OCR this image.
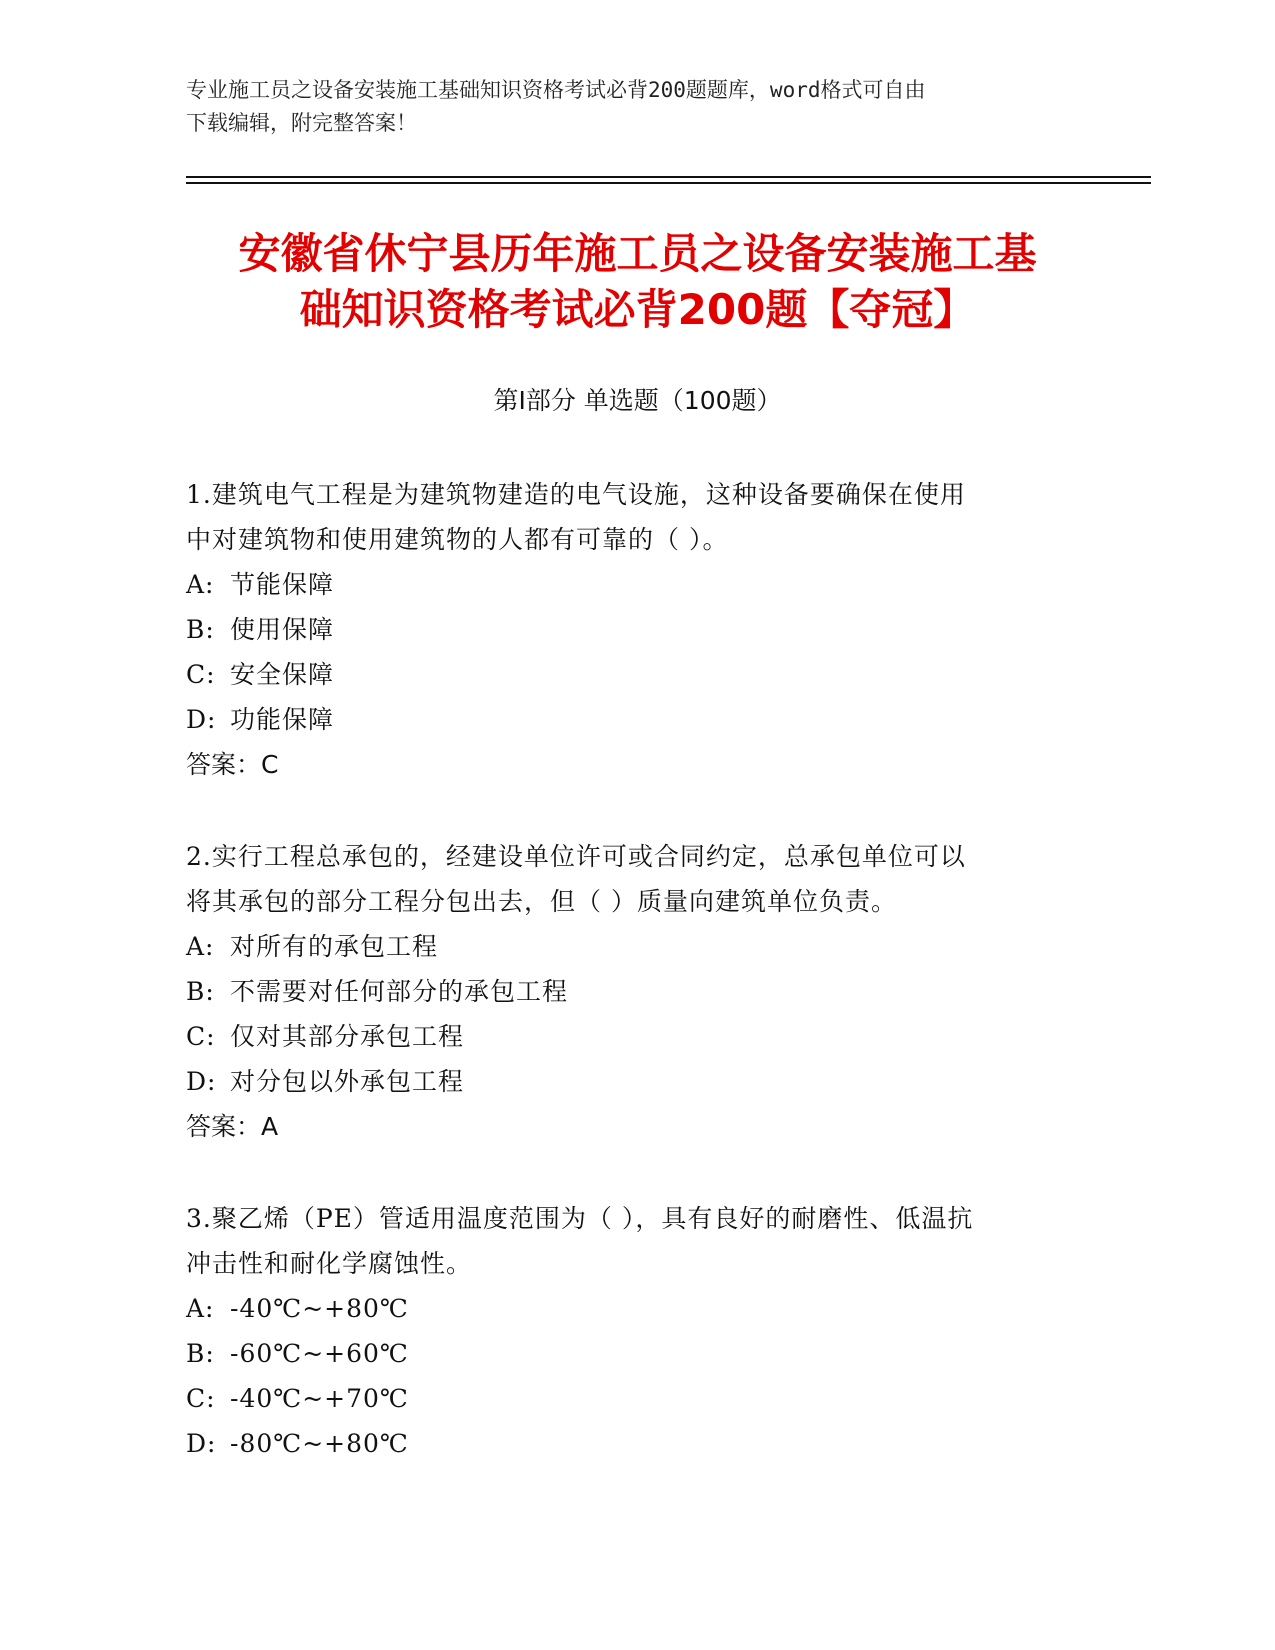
专业施工员之设备安装施工基础知识资格考试必背200题题库，word格式可自由

下载编辑，附完整答案！

安徽省休宁县历年施工员之设备安装施工基

础知识资格考试必背200题【夺冠】

第Ⅰ部分 单选题（100题）

1.建筑电气工程是为建筑物建造的电气设施，这种设备要确保在使用

中对建筑物和使用建筑物的人都有可靠的（ ）。

A: 节能保障

B: 使用保障

C: 安全保障

D: 功能保障

答案：C

2.实行工程总承包的，经建设单位许可或合同约定，总承包单位可以

将其承包的部分工程分包出去，但（ ）质量向建筑单位负责。

A: 对所有的承包工程

B: 不需要对任何部分的承包工程

C: 仅对其部分承包工程

D: 对分包以外承包工程

答案：A

3.聚乙烯（PE）管适用温度范围为（ ），具有良好的耐磨性、低温抗

冲击性和耐化学腐蚀性。

A: -40℃~+80℃

B: -60℃~+60℃

C: -40℃~+70℃

D: -80℃~+80℃
